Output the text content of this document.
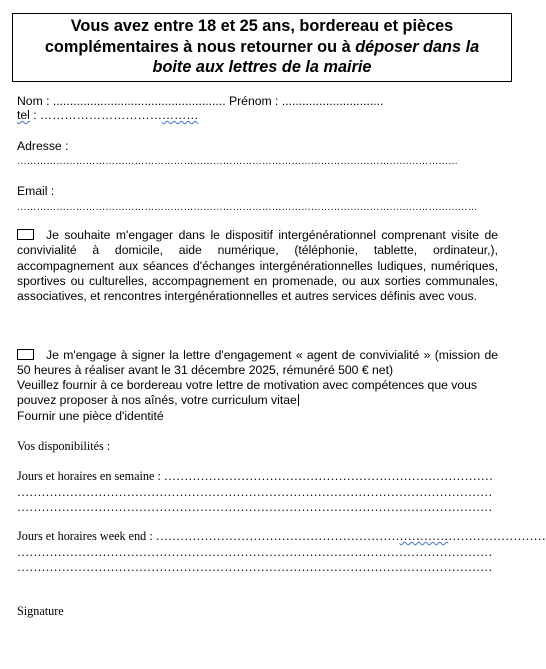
Vous avez entre 18 et 25 ans, bordereau et pièces
complémentaires à nous retourner ou à déposer dans la
boite aux lettres de la mairie
Nom : ................................................... Prénom : ..............................
tel : …………………………………
Adresse :
………………………………………………………………………………………………………………………
Email :
……………………………………………………………………………………………………………………………
Je souhaite m'engager dans le dispositif intergénérationnel comprenant visite de convivialité à domicile, aide numérique, (téléphonie, tablette, ordinateur,), accompagnement aux séances d'échanges intergénérationnelles ludiques, numériques, sportives ou culturelles, accompagnement en promenade, ou aux sorties communales, associatives, et rencontres intergénérationnelles et autres services définis avec vous.
Je m'engage à signer la lettre d'engagement « agent de convivialité » (mission de 50 heures à réaliser avant le 31 décembre 2025, rémunéré 500 € net)
Veuillez fournir à ce bordereau votre lettre de motivation avec compétences que vous pouvez proposer à nos aînés, votre curriculum vitae
Fournir une pièce d'identité
Vos disponibilités :
Jours et horaires en semaine : ………………………………………………………………………
………………………………………………………………………………………………………
………………………………………………………………………………………………………
Jours et horaires week end : ……………………………………………………………………………………
………………………………………………………………………………………………………
………………………………………………………………………………………………………
Signature
